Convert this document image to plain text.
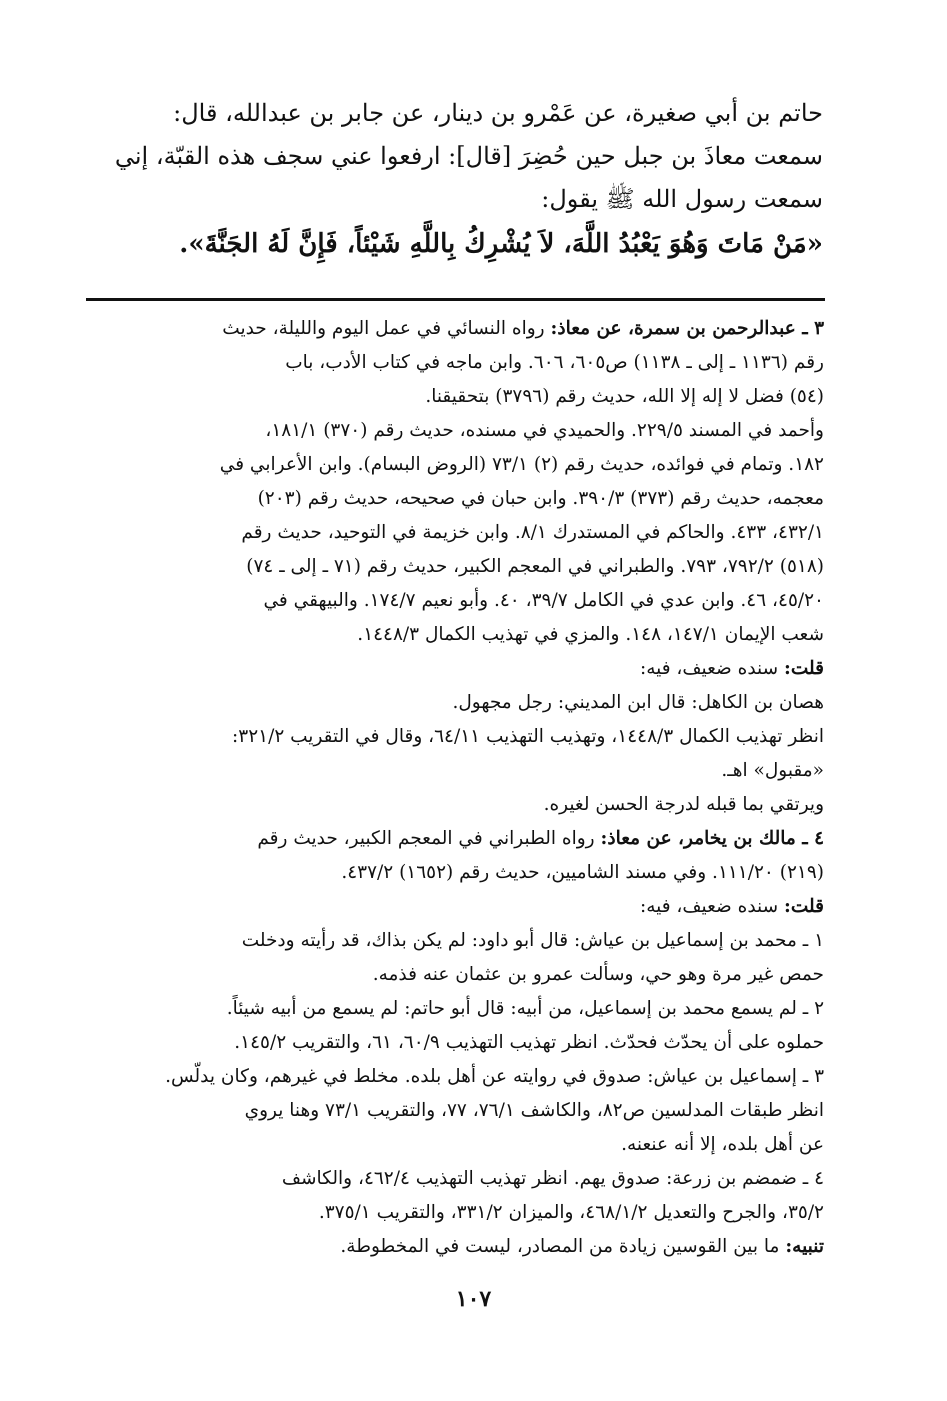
حاتم بن أبي صغيرة، عن عَمْرو بن دينار، عن جابر بن عبدالله، قال:
سمعت معاذَ بن جبل حين حُضِرَ [قال]: ارفعوا عني سجف هذه القبّة، إني
سمعت رسول الله ﷺ يقول:
«مَنْ مَاتَ وَهُوَ يَعْبُدُ اللَّهَ، لاَ يُشْرِكُ بِاللَّهِ شَيْئاً، فَإِنَّ لَهُ الجَنَّةَ».
٣ ـ عبدالرحمن بن سمرة، عن معاذ: رواه النسائي في عمل اليوم والليلة، حديث
رقم (١١٣٦ ـ إلى ـ ١١٣٨) ص٦٠٥، ٦٠٦. وابن ماجه في كتاب الأدب، باب
(٥٤) فضل لا إله إلا الله، حديث رقم (٣٧٩٦) بتحقيقنا.
وأحمد في المسند ٢٢٩/٥. والحميدي في مسنده، حديث رقم (٣٧٠) ١٨١/١،
١٨٢. وتمام في فوائده، حديث رقم (٢) ٧٣/١ (الروض البسام). وابن الأعرابي في
معجمه، حديث رقم (٣٧٣) ٣٩٠/٣. وابن حبان في صحيحه، حديث رقم (٢٠٣)
٤٣٢/١، ٤٣٣. والحاكم في المستدرك ٨/١. وابن خزيمة في التوحيد، حديث رقم
(٥١٨) ٧٩٢/٢، ٧٩٣. والطبراني في المعجم الكبير، حديث رقم (٧١ ـ إلى ـ ٧٤)
٤٥/٢٠، ٤٦. وابن عدي في الكامل ٣٩/٧، ٤٠. وأبو نعيم ١٧٤/٧. والبيهقي في
شعب الإيمان ١٤٧/١، ١٤٨. والمزي في تهذيب الكمال ١٤٤٨/٣.
قلت: سنده ضعيف، فيه:
هصان بن الكاهل: قال ابن المديني: رجل مجهول.
انظر تهذيب الكمال ١٤٤٨/٣، وتهذيب التهذيب ٦٤/١١، وقال في التقريب ٣٢١/٢:
«مقبول» اهـ.
ويرتقي بما قبله لدرجة الحسن لغيره.
٤ ـ مالك بن يخامر، عن معاذ: رواه الطبراني في المعجم الكبير، حديث رقم
(٢١٩) ١١١/٢٠. وفي مسند الشاميين، حديث رقم (١٦٥٢) ٤٣٧/٢.
قلت: سنده ضعيف، فيه:
١ ـ محمد بن إسماعيل بن عياش: قال أبو داود: لم يكن بذاك، قد رأيته ودخلت
حمص غير مرة وهو حي، وسألت عمرو بن عثمان عنه فذمه.
٢ ـ لم يسمع محمد بن إسماعيل، من أبيه: قال أبو حاتم: لم يسمع من أبيه شيئاً.
حملوه على أن يحدّث فحدّث. انظر تهذيب التهذيب ٦٠/٩، ٦١، والتقريب ١٤٥/٢.
٣ ـ إسماعيل بن عياش: صدوق في روايته عن أهل بلده. مخلط في غيرهم، وكان يدلّس.
انظر طبقات المدلسين ص٨٢، والكاشف ٧٦/١، ٧٧، والتقريب ٧٣/١ وهنا يروي
عن أهل بلده، إلا أنه عنعنه.
٤ ـ ضمضم بن زرعة: صدوق يهم. انظر تهذيب التهذيب ٤٦٢/٤، والكاشف
٣٥/٢، والجرح والتعديل ٤٦٨/١/٢، والميزان ٣٣١/٢، والتقريب ٣٧٥/١.
تنبيه: ما بين القوسين زيادة من المصادر، ليست في المخطوطة.
١٠٧
